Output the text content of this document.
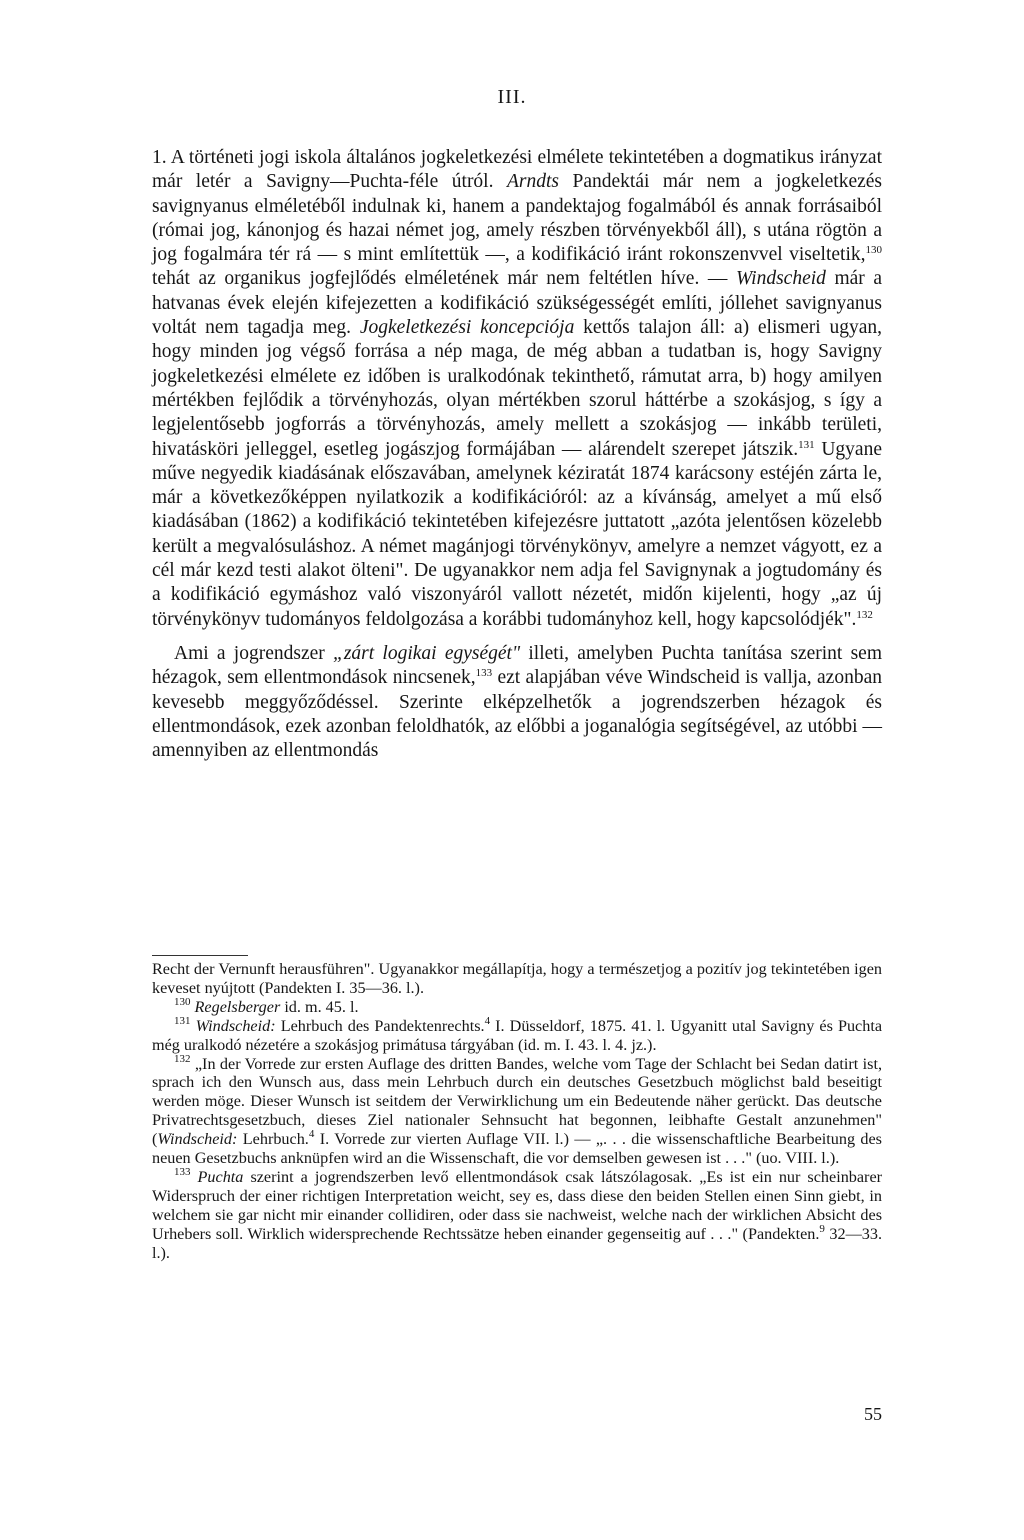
III.

1. A történeti jogi iskola általános jogkeletkezési elmélete tekintetében a dogmatikus irányzat már letér a Savigny—Puchta-féle útról. Arndts Pandektái már nem a jogkeletkezés savignyanus elméletéből indulnak ki, hanem a pandektajog fogalmából és annak forrásaiból (római jog, kánonjog és hazai német jog, amely részben törvényekből áll), s utána rögtön a jog fogalmára tér rá — s mint említettük —, a kodifikáció iránt rokonszenvvel viseltetik,$^{130}$ tehát az organikus jogfejlődés elméletének már nem feltétlen híve. — Windscheid már a hatvanas évek elején kifejezetten a kodifikáció szükségességét említi, jóllehet savignyanus voltát nem tagadja meg. Jogkeletkezési koncepciója kettős talajon áll: a) elismeri ugyan, hogy minden jog végső forrása a nép maga, de még abban a tudatban is, hogy Savigny jogkeletkezési elmélete ez időben is uralkodónak tekinthető, rámutat arra, b) hogy amilyen mértékben fejlődik a törvényhozás, olyan mértékben szorul háttérbe a szokásjog, s így a legjelentősebb jogforrás a törvényhozás, amely mellett a szokásjog — inkább területi, hivatásköri jelleggel, esetleg jogászjog formájában — alárendelt szerepet játszik.$^{131}$ Ugyane műve negyedik kiadásának előszavában, amelynek kéziratát 1874 karácsony estéjén zárta le, már a következőképpen nyilatkozik a kodifikációról: az a kívánság, amelyet a mű első kiadásában (1862) a kodifikáció tekintetében kifejezésre juttatott „azóta jelentősen közelebb került a megvalósuláshoz. A német magánjogi törvénykönyv, amelyre a nemzet vágyott, ez a cél már kezd testi alakot ölteni". De ugyanakkor nem adja fel Savignynak a jogtudomány és a kodifikáció egymáshoz való viszonyáról vallott nézetét, midőn kijelenti, hogy „az új törvénykönyv tudományos feldolgozása a korábbi tudományhoz kell, hogy kapcsolódjék".$^{132}$

Ami a jogrendszer „zárt logikai egységét" illeti, amelyben Puchta tanítása szerint sem hézagok, sem ellentmondások nincsenek,$^{133}$ ezt alapjában véve Windscheid is vallja, azonban kevesebb meggyőződéssel. Szerinte elképzelhetők a jogrendszerben hézagok és ellentmondások, ezek azonban feloldhatók, az előbbi a joganalógia segítségével, az utóbbi — amennyiben az ellentmondás

Recht der Vernunft herausführen". Ugyanakkor megállapítja, hogy a természetjog a pozitív jog tekintetében igen keveset nyújtott (Pandekten I. 35—36. l.).

$^{130}$ Regelsberger id. m. 45. l.

$^{131}$ Windscheid: Lehrbuch des Pandektenrechts.$^4$ I. Düsseldorf, 1875. 41. l. Ugyanitt utal Savigny és Puchta még uralkodó nézetére a szokásjog primátusa tárgyában (id. m. I. 43. l. 4. jz.).

$^{132}$ „In der Vorrede zur ersten Auflage des dritten Bandes, welche vom Tage der Schlacht bei Sedan datirt ist, sprach ich den Wunsch aus, dass mein Lehrbuch durch ein deutsches Gesetzbuch möglichst bald beseitigt werden möge. Dieser Wunsch ist seitdem der Verwirklichung um ein Bedeutende näher gerückt. Das deutsche Privatrechtsgesetzbuch, dieses Ziel nationaler Sehnsucht hat begonnen, leibhafte Gestalt anzunehmen" (Windscheid: Lehrbuch.$^4$ I. Vorrede zur vierten Auflage VII. l.) — „. . . die wissenschaftliche Bearbeitung des neuen Gesetzbuchs anknüpfen wird an die Wissenschaft, die vor demselben gewesen ist . . ." (uo. VIII. l.).

$^{133}$ Puchta szerint a jogrendszerben levő ellentmondások csak látszólagosak. „Es ist ein nur scheinbarer Widerspruch der einer richtigen Interpretation weicht, sey es, dass diese den beiden Stellen einen Sinn giebt, in welchem sie gar nicht mir einander collidiren, oder dass sie nachweist, welche nach der wirklichen Absicht des Urhebers soll. Wirklich widersprechende Rechtssätze heben einander gegenseitig auf . . ." (Pandekten.$^9$ 32—33. l.).

55
